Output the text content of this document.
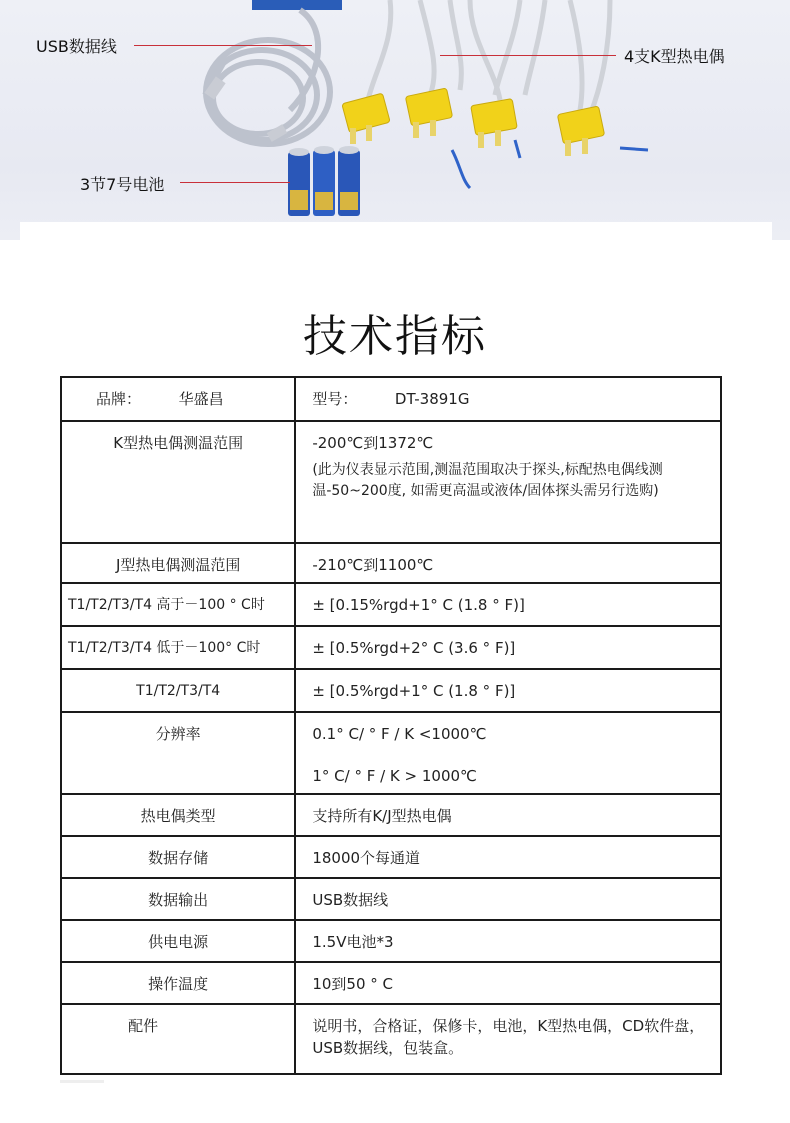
USB数据线
4支K型热电偶
3节7号电池
技术指标
品牌： 华盛昌	型号： DT-3891G

K型热电偶测温范围	-200℃到1372℃
(此为仪表显示范围,测温范围取决于探头,标配热电偶线测温-50~200度, 如需更高温或液体/固体探头需另行选购)

J型热电偶测温范围	-210℃到1100℃

T1/T2/T3/T4 高于－100 ° C时	± [0.15%rgd+1° C (1.8 ° F)]

T1/T2/T3/T4 低于－100° C时	± [0.5%rgd+2° C (3.6 ° F)]

T1/T2/T3/T4	± [0.5%rgd+1° C (1.8 ° F)]

分辨率	0.1° C/ ° F / K <1000℃
1° C/ ° F / K > 1000℃

热电偶类型	支持所有K/J型热电偶

数据存储	18000个每通道

数据输出	USB数据线

供电电源	1.5V电池*3

操作温度	10到50 ° C

配件	说明书，合格证，保修卡，电池，K型热电偶，CD软件盘，USB数据线，包装盒。
